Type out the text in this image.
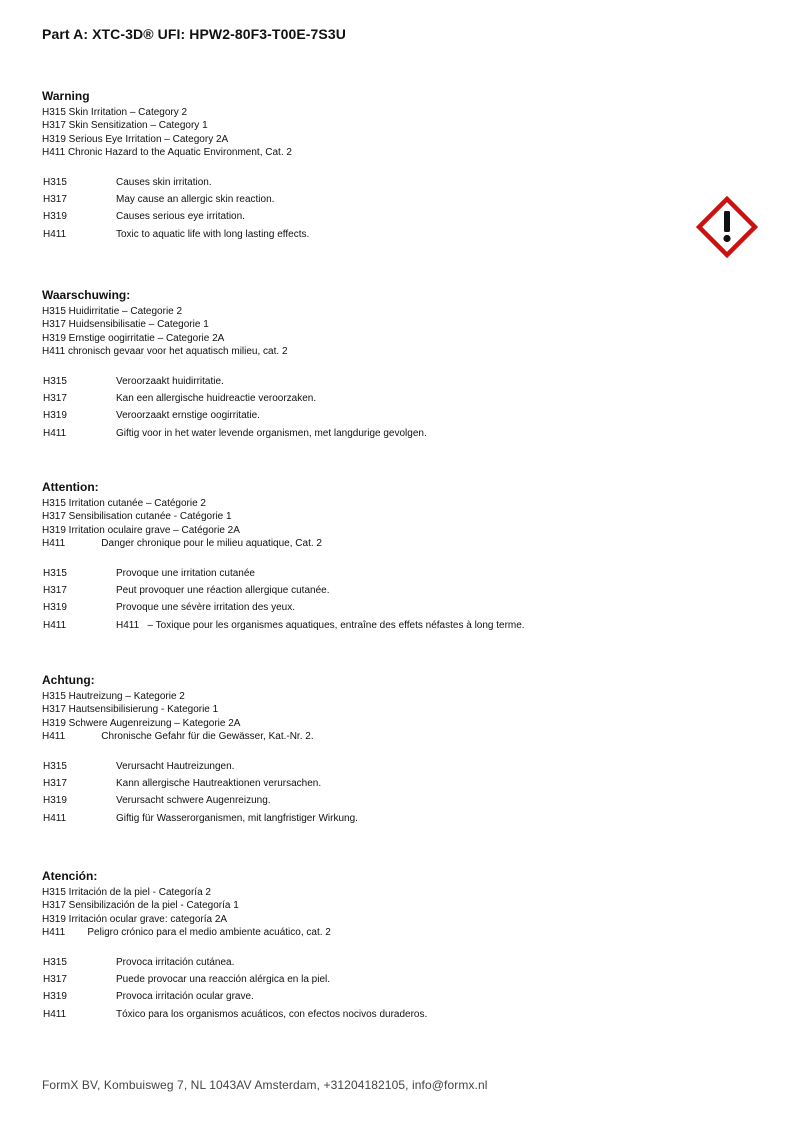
Part A: XTC-3D® UFI: HPW2-80F3-T00E-7S3U
Warning
H315 Skin Irritation – Category 2
H317 Skin Sensitization – Category 1
H319 Serious Eye Irritation – Category 2A
H411 Chronic Hazard to the Aquatic Environment, Cat. 2
H315	Causes skin irritation.
H317	May cause an allergic skin reaction.
H319	Causes serious eye irritation.
H411	Toxic to aquatic life with long lasting effects.
Waarschuwing:
H315 Huidirritatie – Categorie 2
H317 Huidsensibilisatie – Categorie 1
H319 Ernstige oogirritatie – Categorie 2A
H411 chronisch gevaar voor het aquatisch milieu, cat. 2
H315	Veroorzaakt huidirritatie.
H317	Kan een allergische huidreactie veroorzaken.
H319	Veroorzaakt ernstige oogirritatie.
H411	Giftig voor in het water levende organismen, met langdurige gevolgen.
Attention:
H315 Irritation cutanée – Catégorie 2
H317 Sensibilisation cutanée - Catégorie 1
H319 Irritation oculaire grave – Catégorie 2A
H411             Danger chronique pour le milieu aquatique, Cat. 2
H315	Provoque une irritation cutanée
H317	Peut provoquer une réaction allergique cutanée.
H319	Provoque une sévère irritation des yeux.
H411	H411   – Toxique pour les organismes aquatiques, entraîne des effets néfastes à long terme.
Achtung:
H315 Hautreizung – Kategorie 2
H317 Hautsensibilisierung - Kategorie 1
H319 Schwere Augenreizung – Kategorie 2A
H411             Chronische Gefahr für die Gewässer, Kat.-Nr. 2.
H315	Verursacht Hautreizungen.
H317	Kann allergische Hautreaktionen verursachen.
H319	Verursacht schwere Augenreizung.
H411	Giftig für Wasserorganismen, mit langfristiger Wirkung.
Atención:
H315 Irritación de la piel - Categoría 2
H317 Sensibilización de la piel - Categoría 1
H319 Irritación ocular grave: categoría 2A
H411        Peligro crónico para el medio ambiente acuático, cat. 2
H315	Provoca irritación cutánea.
H317	Puede provocar una reacción alérgica en la piel.
H319	Provoca irritación ocular grave.
H411	Tóxico para los organismos acuáticos, con efectos nocivos duraderos.
FormX BV, Kombuisweg 7, NL 1043AV Amsterdam, +31204182105, info@formx.nl
